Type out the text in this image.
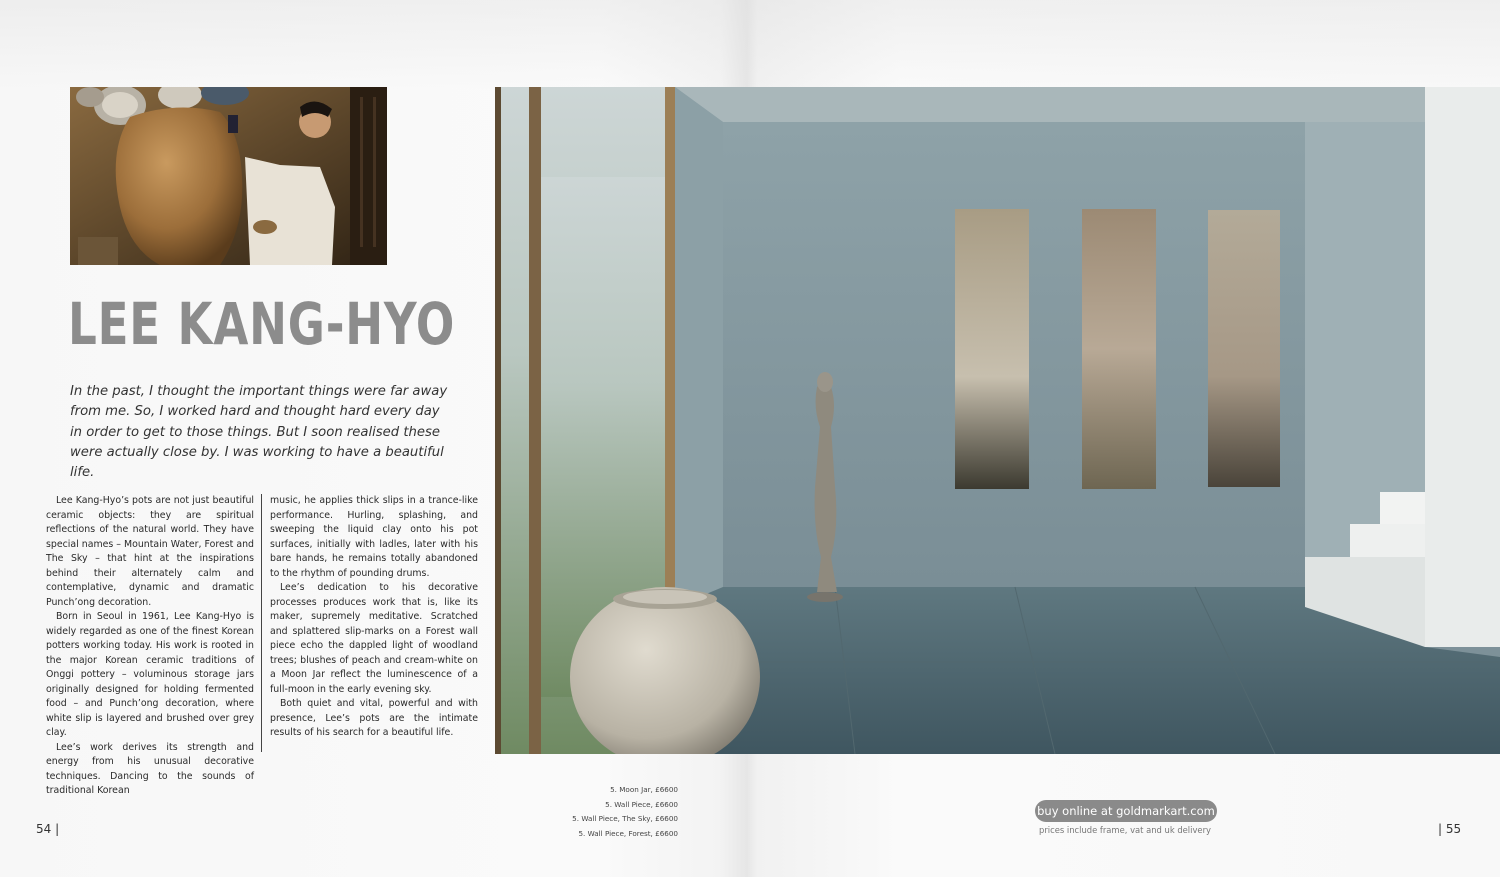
LEE KANG-HYO
In the past, I thought the important things were far away from me. So, I worked hard and thought hard every day in order to get to those things. But I soon realised these were actually close by. I was working to have a beautiful life.

Lee Kang-Hyo’s pots are not just beautiful ceramic objects: they are spiritual reflections of the natural world. They have special names – Mountain Water, Forest and The Sky – that hint at the inspirations behind their alternately calm and contemplative, dynamic and dramatic Punch’ong decoration.

Born in Seoul in 1961, Lee Kang-Hyo is widely regarded as one of the finest Korean potters working today. His work is rooted in the major Korean ceramic traditions of Onggi pottery – voluminous storage jars originally designed for holding fermented food – and Punch’ong decoration, where white slip is layered and brushed over grey clay.

Lee’s work derives its strength and energy from his unusual decorative techniques. Dancing to the sounds of traditional Korean

music, he applies thick slips in a trance-like performance. Hurling, splashing, and sweeping the liquid clay onto his pot surfaces, initially with ladles, later with his bare hands, he remains totally abandoned to the rhythm of pounding drums.

Lee’s dedication to his decorative processes produces work that is, like its maker, supremely meditative. Scratched and splattered slip-marks on a Forest wall piece echo the dappled light of woodland trees; blushes of peach and cream-white on a Moon Jar reflect the luminescence of a full-moon in the early evening sky.

Both quiet and vital, powerful and with presence, Lee’s pots are the intimate results of his search for a beautiful life.

5. Moon Jar, £6600
5. Wall Piece, £6600
5. Wall Piece, The Sky, £6600
5. Wall Piece, Forest, £6600
54 |	| 55
buy online at goldmarkart.com
prices include frame, vat and uk delivery
